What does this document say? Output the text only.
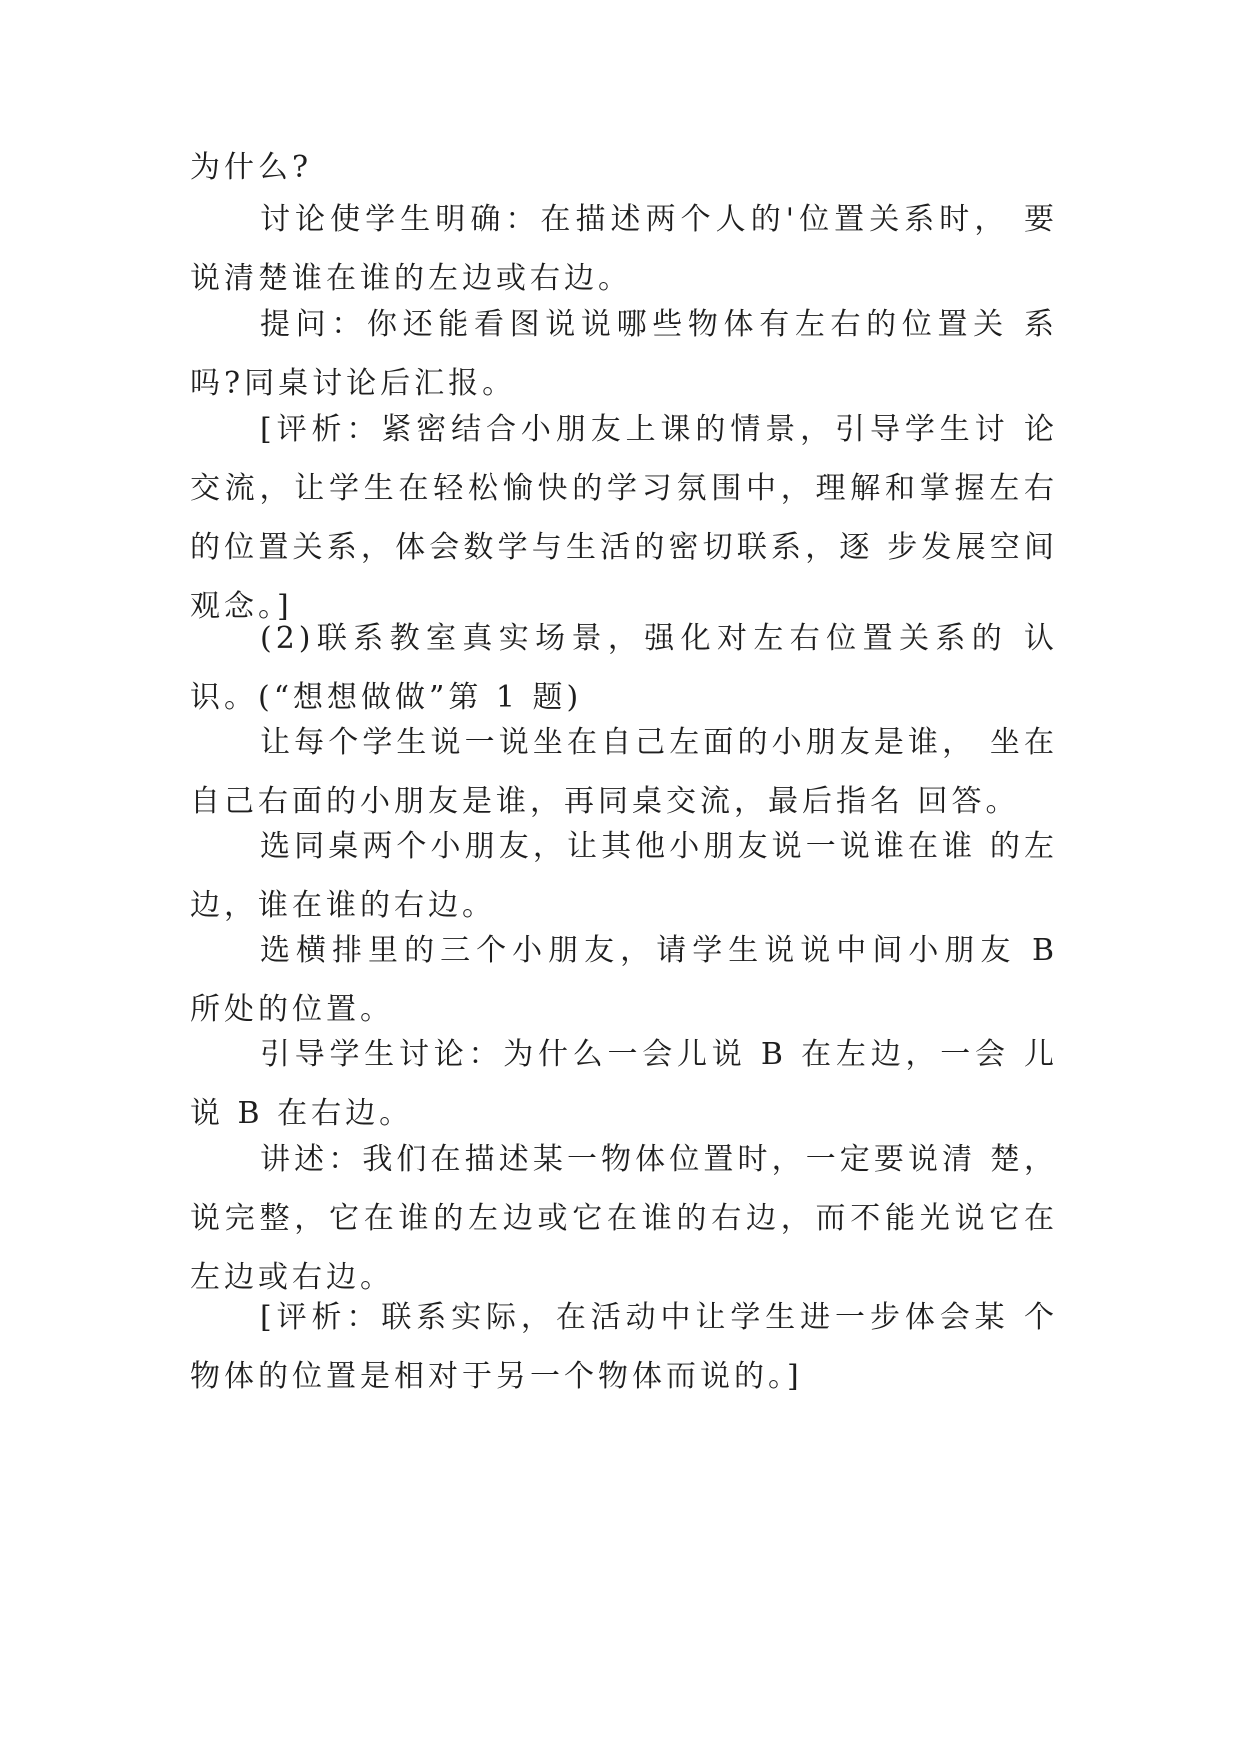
为什么?

讨论使学生明确：在描述两个人的'位置关系时， 要说清楚谁在谁的左边或右边。

提问：你还能看图说说哪些物体有左右的位置关 系吗?同桌讨论后汇报。

[评析：紧密结合小朋友上课的情景，引导学生讨 论交流，让学生在轻松愉快的学习氛围中，理解和掌握左右的位置关系，体会数学与生活的密切联系，逐 步发展空间观念。]

(2)联系教室真实场景，强化对左右位置关系的 认识。(“想想做做”第 1 题)

让每个学生说一说坐在自己左面的小朋友是谁， 坐在自己右面的小朋友是谁，再同桌交流，最后指名 回答。

选同桌两个小朋友，让其他小朋友说一说谁在谁 的左边，谁在谁的右边。

选横排里的三个小朋友，请学生说说中间小朋友 B 所处的位置。

引导学生讨论：为什么一会儿说 B 在左边，一会 儿说 B 在右边。

讲述：我们在描述某一物体位置时，一定要说清 楚，说完整，它在谁的左边或它在谁的右边，而不能光说它在左边或右边。

[评析：联系实际，在活动中让学生进一步体会某 个物体的位置是相对于另一个物体而说的。]
